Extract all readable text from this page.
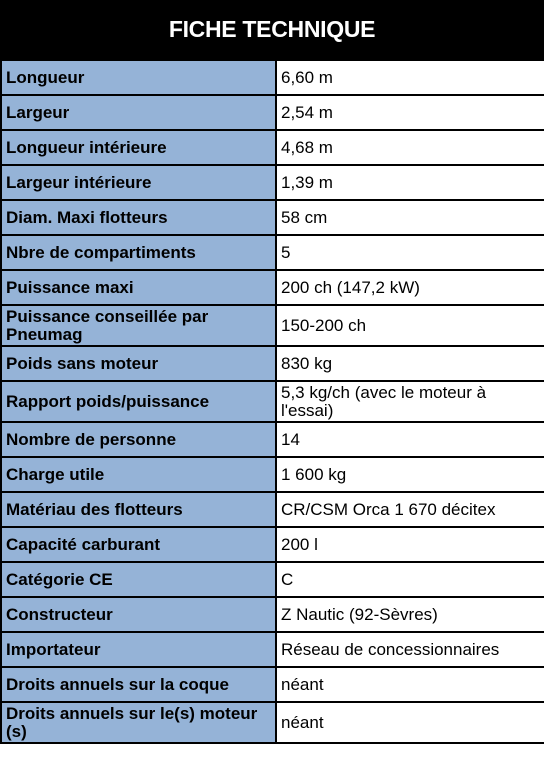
FICHE TECHNIQUE
Longueur	6,60 m
Largeur	2,54 m
Longueur intérieure	4,68 m
Largeur intérieure	1,39 m
Diam. Maxi flotteurs	58 cm
Nbre de compartiments	5
Puissance maxi	200 ch (147,2 kW)
Puissance conseillée par Pneumag	150-200 ch
Poids sans moteur	830 kg
Rapport poids/puissance	5,3 kg/ch (avec le moteur à l'essai)
Nombre de personne	14
Charge utile	1 600 kg
Matériau des flotteurs	CR/CSM Orca 1 670 décitex
Capacité carburant	200 l
Catégorie CE	C
Constructeur	Z Nautic (92-Sèvres)
Importateur	Réseau de concessionnaires
Droits annuels sur la coque	néant
Droits annuels sur le(s) moteur (s)	néant
